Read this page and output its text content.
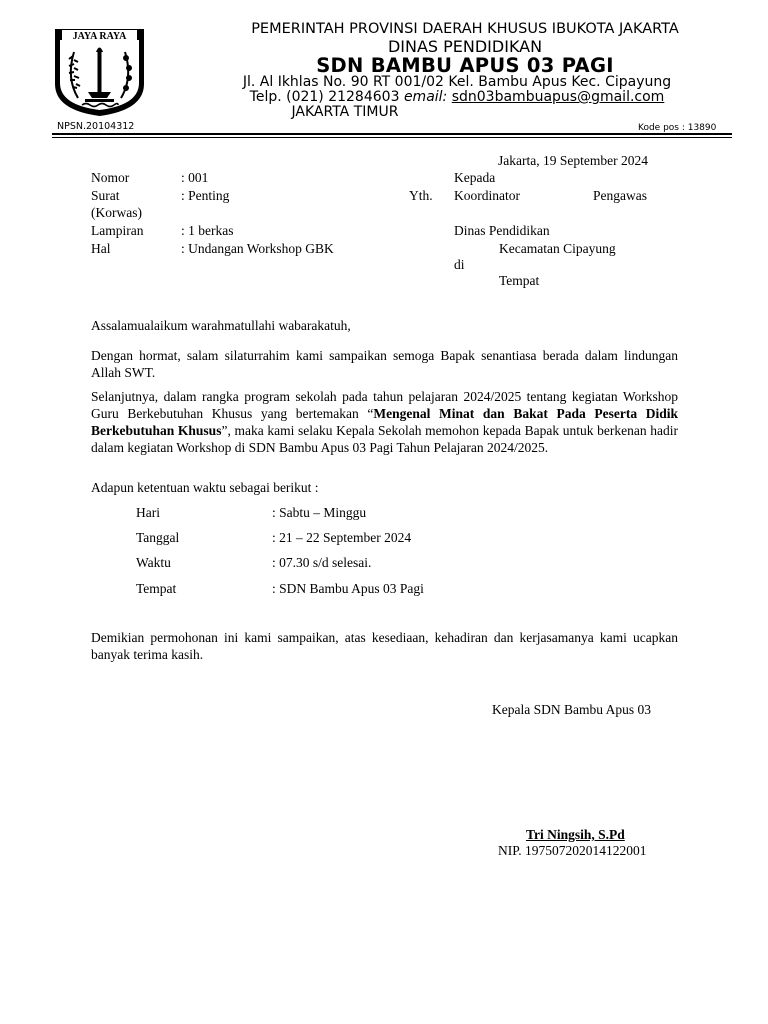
JAYA RAYA	PEMERINTAH PROVINSI DAERAH KHUSUS IBUKOTA JAKARTA
DINAS PENDIDIKAN
SDN BAMBU APUS 03 PAGI
Jl. Al Ikhlas No. 90 RT 001/02 Kel. Bambu Apus Kec. Cipayung
Telp. (021) 21284603 email: sdn03bambuapus@gmail.com
JAKARTA TIMUR
NPSN.20104312	Kode pos : 13890
Jakarta, 19 September 2024
Nomor	: 001
Surat	: Penting
(Korwas)
Lampiran	: 1 berkas
Hal	: Undangan Workshop GBK
Kepada
Yth. Koordinator	Pengawas
Dinas Pendidikan
Kecamatan Cipayung
di
Tempat
Assalamualaikum warahmatullahi wabarakatuh,

Dengan hormat, salam silaturrahim kami sampaikan semoga Bapak senantiasa berada dalam lindungan Allah SWT.

Selanjutnya, dalam rangka program sekolah pada tahun pelajaran 2024/2025 tentang kegiatan Workshop Guru Berkebutuhan Khusus yang bertemakan “Mengenal Minat dan Bakat Pada Peserta Didik Berkebutuhan Khusus”, maka kami selaku Kepala Sekolah memohon kepada Bapak untuk berkenan hadir dalam kegiatan Workshop di SDN Bambu Apus 03 Pagi Tahun Pelajaran 2024/2025.

Adapun ketentuan waktu sebagai berikut :
Hari	: Sabtu – Minggu
Tanggal	: 21 – 22 September 2024
Waktu	: 07.30 s/d selesai.
Tempat	: SDN Bambu Apus 03 Pagi

Demikian permohonan ini kami sampaikan, atas kesediaan, kehadiran dan kerjasamanya kami ucapkan banyak terima kasih.

Kepala SDN Bambu Apus 03
Tri Ningsih, S.Pd
NIP. 197507202014122001
